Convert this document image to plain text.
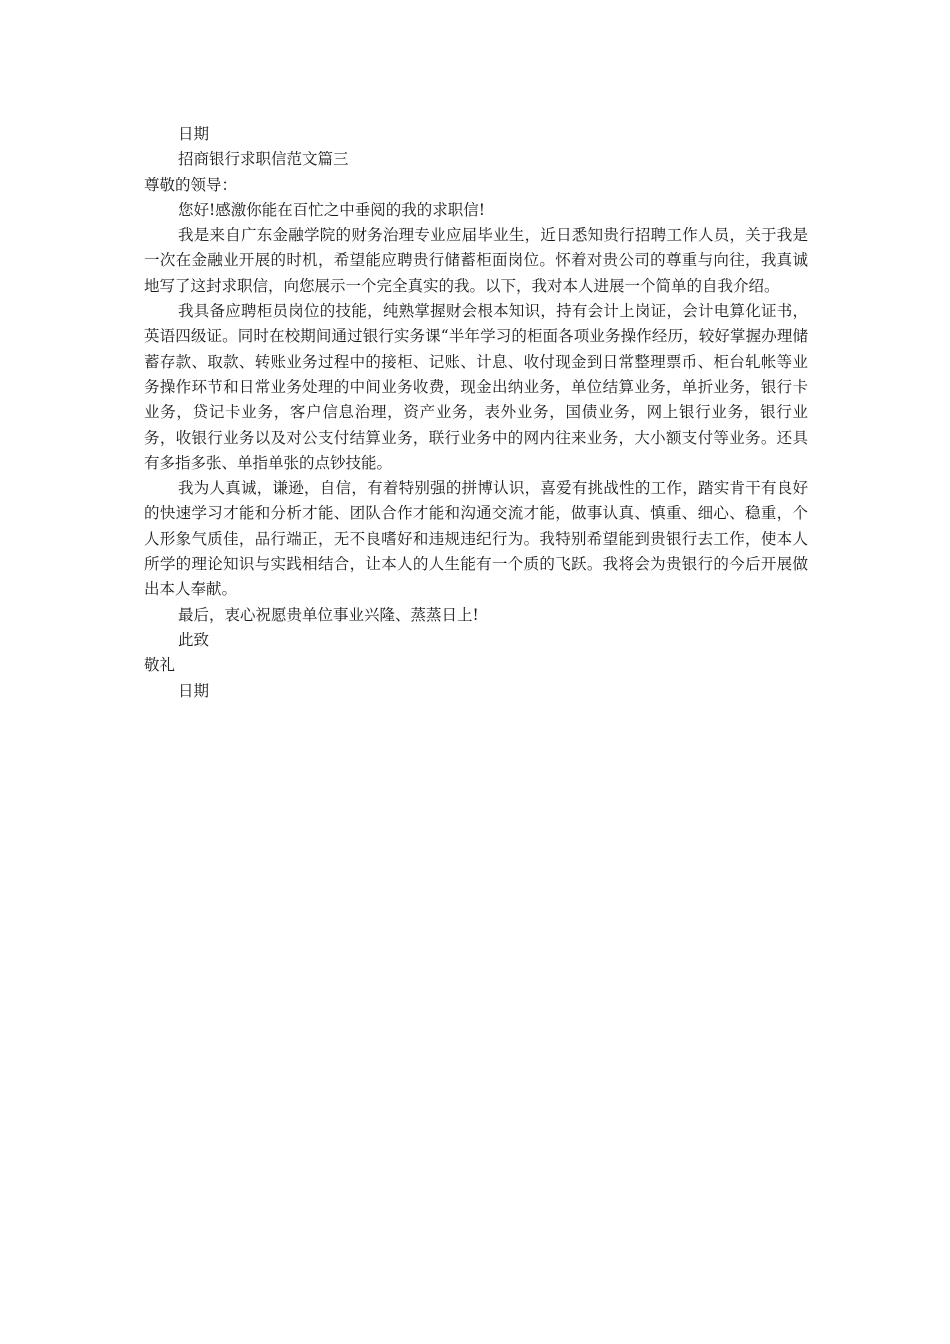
日期

招商银行求职信范文篇三

尊敬的领导：

您好!感激你能在百忙之中垂阅的我的求职信!

我是来自广东金融学院的财务治理专业应届毕业生，近日悉知贵行招聘工作人员，关于我是一次在金融业开展的时机，希望能应聘贵行储蓄柜面岗位。怀着对贵公司的尊重与向往，我真诚地写了这封求职信，向您展示一个完全真实的我。以下，我对本人进展一个简单的自我介绍。

我具备应聘柜员岗位的技能，纯熟掌握财会根本知识，持有会计上岗证，会计电算化证书，英语四级证。同时在校期间通过银行实务课“半年学习的柜面各项业务操作经历，较好掌握办理储蓄存款、取款、转账业务过程中的接柜、记账、计息、收付现金到日常整理票币、柜台轧帐等业务操作环节和日常业务处理的中间业务收费，现金出纳业务，单位结算业务，单折业务，银行卡业务，贷记卡业务，客户信息治理，资产业务，表外业务，国债业务，网上银行业务，银行业务，收银行业务以及对公支付结算业务，联行业务中的网内往来业务，大小额支付等业务。还具有多指多张、单指单张的点钞技能。

我为人真诚，谦逊，自信，有着特别强的拼博认识，喜爱有挑战性的工作，踏实肯干有良好的快速学习才能和分析才能、团队合作才能和沟通交流才能，做事认真、慎重、细心、稳重，个人形象气质佳，品行端正，无不良嗜好和违规违纪行为。我特别希望能到贵银行去工作，使本人所学的理论知识与实践相结合，让本人的人生能有一个质的飞跃。我将会为贵银行的今后开展做出本人奉献。

最后，衷心祝愿贵单位事业兴隆、蒸蒸日上!

此致

敬礼

日期
